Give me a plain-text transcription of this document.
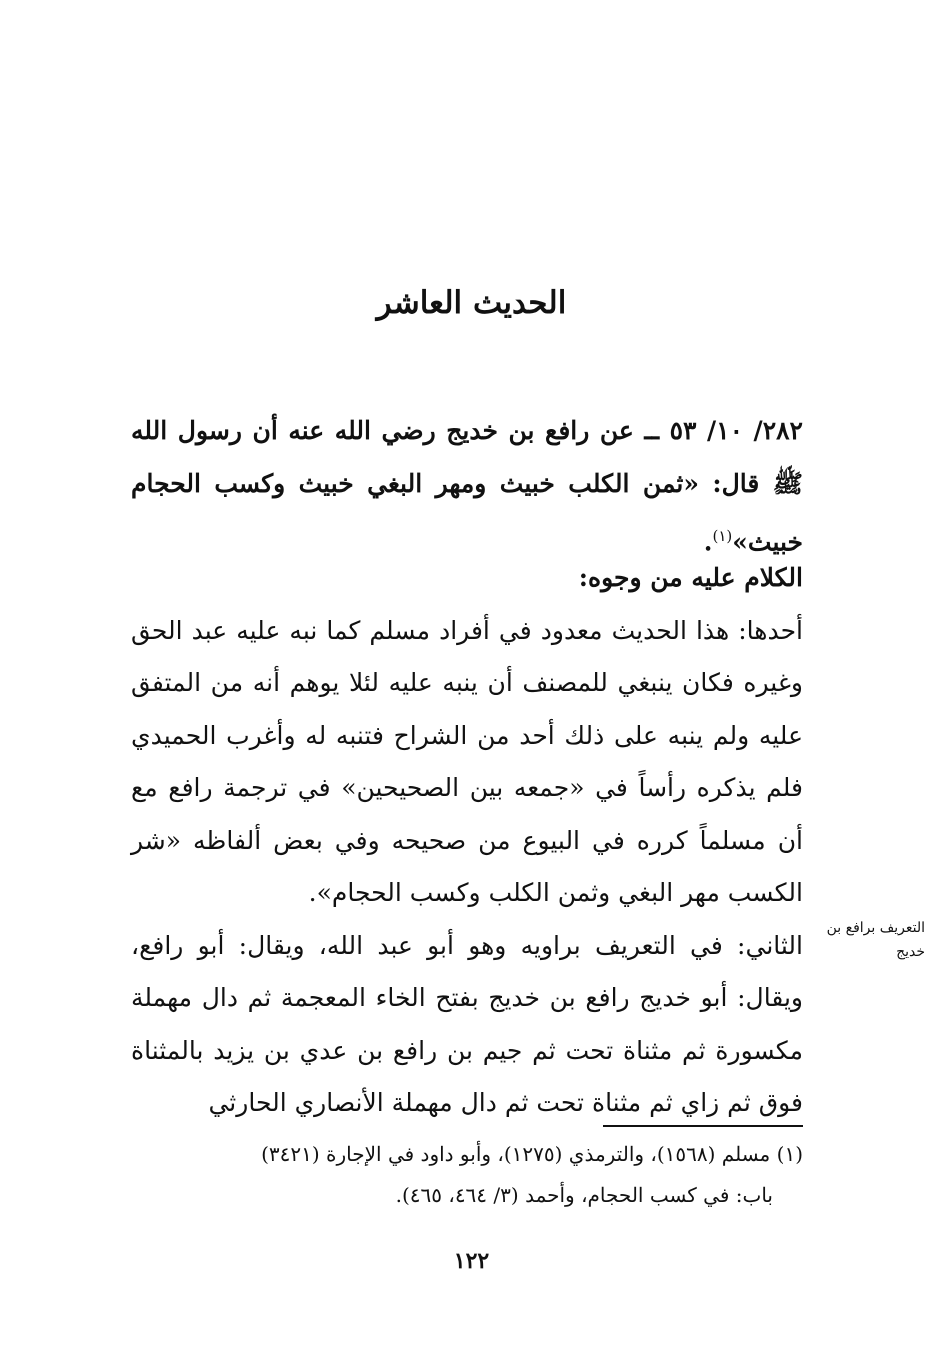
الحديث العاشر
٢٨٢/ ١٠/ ٥٣ ــ عن رافع بن خديج رضي الله عنه أن رسول الله ﷺ قال: «ثمن الكلب خبيث ومهر البغي خبيث وكسب الحجام خبيث»$^{(١)}$.

الكلام عليه من وجوه:

أحدها: هذا الحديث معدود في أفراد مسلم كما نبه عليه عبد الحق وغيره فكان ينبغي للمصنف أن ينبه عليه لئلا يوهم أنه من المتفق عليه ولم ينبه على ذلك أحد من الشراح فتنبه له وأغرب الحميدي فلم يذكره رأساً في «جمعه بين الصحيحين» في ترجمة رافع مع أن مسلماً كرره في البيوع من صحيحه وفي بعض ألفاظه «شر الكسب مهر البغي وثمن الكلب وكسب الحجام».

الثاني: في التعريف براويه وهو أبو عبد الله، ويقال: أبو رافع، ويقال: أبو خديج رافع بن خديج بفتح الخاء المعجمة ثم دال مهملة مكسورة ثم مثناة تحت ثم جيم بن رافع بن عدي بن يزيد بالمثناة فوق ثم زاي ثم مثناة تحت ثم دال مهملة الأنصاري الحارثي

التعريف برافع بن خديج

(١) مسلم (١٥٦٨)، والترمذي (١٢٧٥)، وأبو داود في الإجارة (٣٤٢١)

باب: في كسب الحجام، وأحمد (٣/ ٤٦٤، ٤٦٥).

١٢٢
